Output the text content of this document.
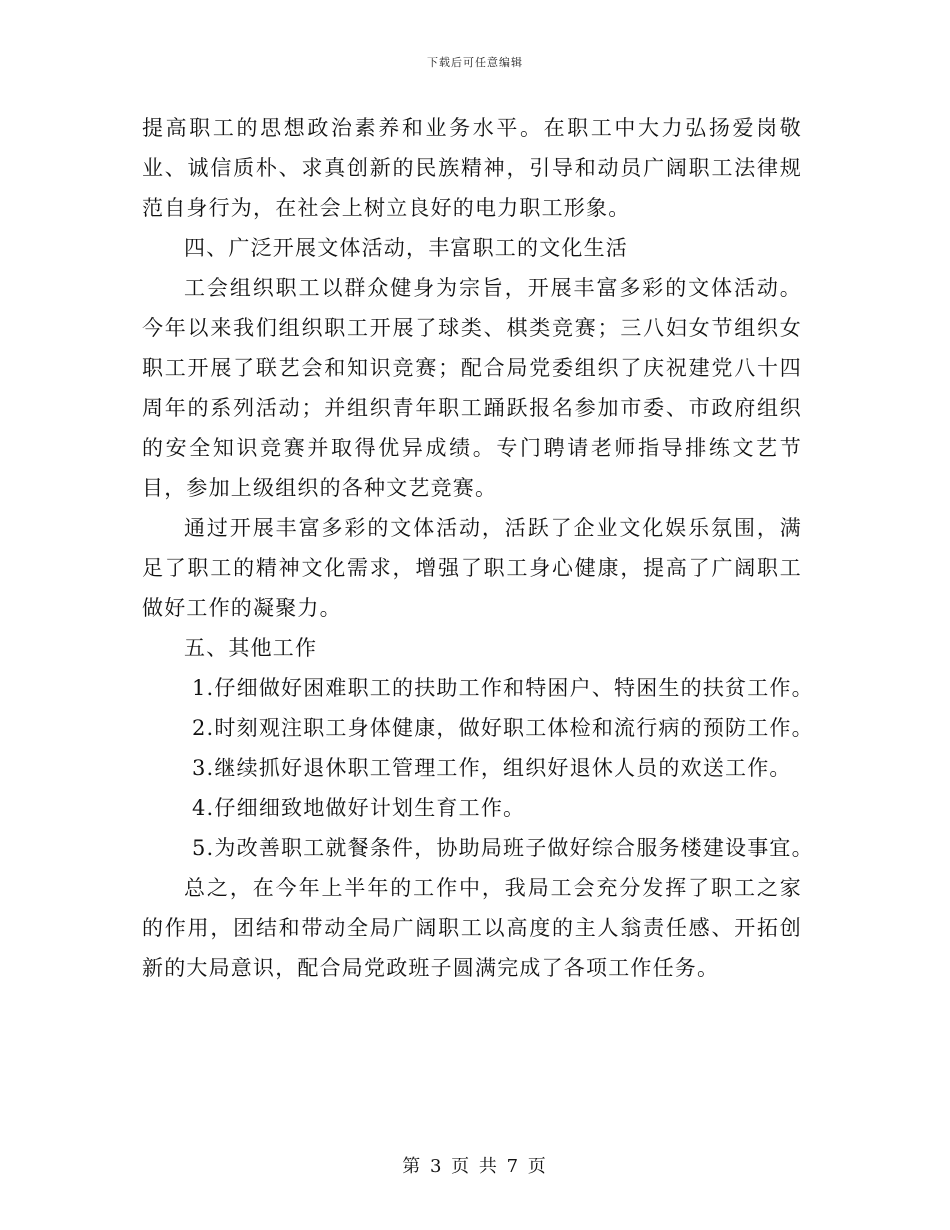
下载后可任意编辑

提高职工的思想政治素养和业务水平。在职工中大力弘扬爱岗敬业、诚信质朴、求真创新的民族精神，引导和动员广阔职工法律规范自身行为，在社会上树立良好的电力职工形象。

四、广泛开展文体活动，丰富职工的文化生活

工会组织职工以群众健身为宗旨，开展丰富多彩的文体活动。今年以来我们组织职工开展了球类、棋类竞赛；三八妇女节组织女职工开展了联艺会和知识竞赛；配合局党委组织了庆祝建党八十四周年的系列活动；并组织青年职工踊跃报名参加市委、市政府组织的安全知识竞赛并取得优异成绩。专门聘请老师指导排练文艺节目，参加上级组织的各种文艺竞赛。

通过开展丰富多彩的文体活动，活跃了企业文化娱乐氛围，满足了职工的精神文化需求，增强了职工身心健康，提高了广阔职工做好工作的凝聚力。

五、其他工作

1.仔细做好困难职工的扶助工作和特困户、特困生的扶贫工作。

2.时刻观注职工身体健康，做好职工体检和流行病的预防工作。

3.继续抓好退休职工管理工作，组织好退休人员的欢送工作。

4.仔细细致地做好计划生育工作。

5.为改善职工就餐条件，协助局班子做好综合服务楼建设事宜。

总之，在今年上半年的工作中，我局工会充分发挥了职工之家的作用，团结和带动全局广阔职工以高度的主人翁责任感、开拓创新的大局意识，配合局党政班子圆满完成了各项工作任务。

第 3 页 共 7 页
